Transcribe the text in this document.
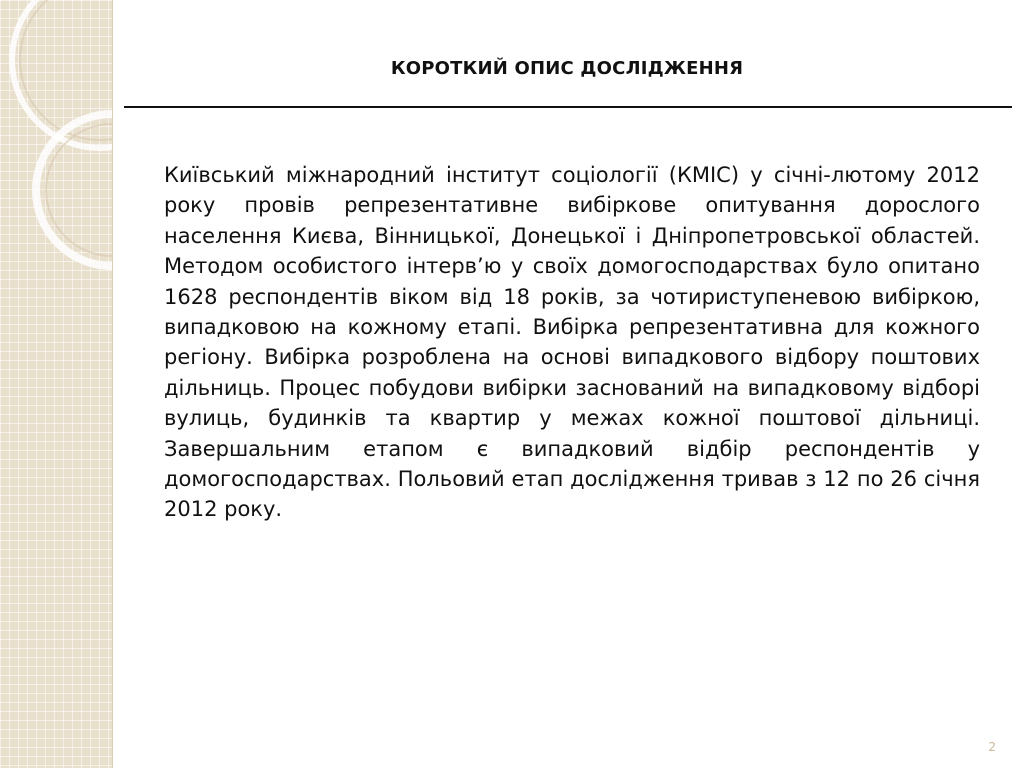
КОРОТКИЙ ОПИС ДОСЛІДЖЕННЯ
Київський міжнародний інститут соціології (КМІС) у січні-лютому 2012 року провів репрезентативне вибіркове опитування дорослого населення Києва, Вінницької, Донецької і Дніпропетровської областей. Методом особистого інтерв’ю у своїх домогосподарствах було опитано 1628 респондентів віком від 18 років, за чотириступеневою вибіркою, випадковою на кожному етапі. Вибірка репрезентативна для кожного регіону. Вибірка розроблена на основі випадкового відбору поштових дільниць. Процес побудови вибірки заснований на випадковому відборі вулиць, будинків та квартир у межах кожної поштової дільниці. Завершальним етапом є випадковий відбір респондентів у домогосподарствах. Польовий етап дослідження тривав з 12 по 26 січня 2012 року.
2
